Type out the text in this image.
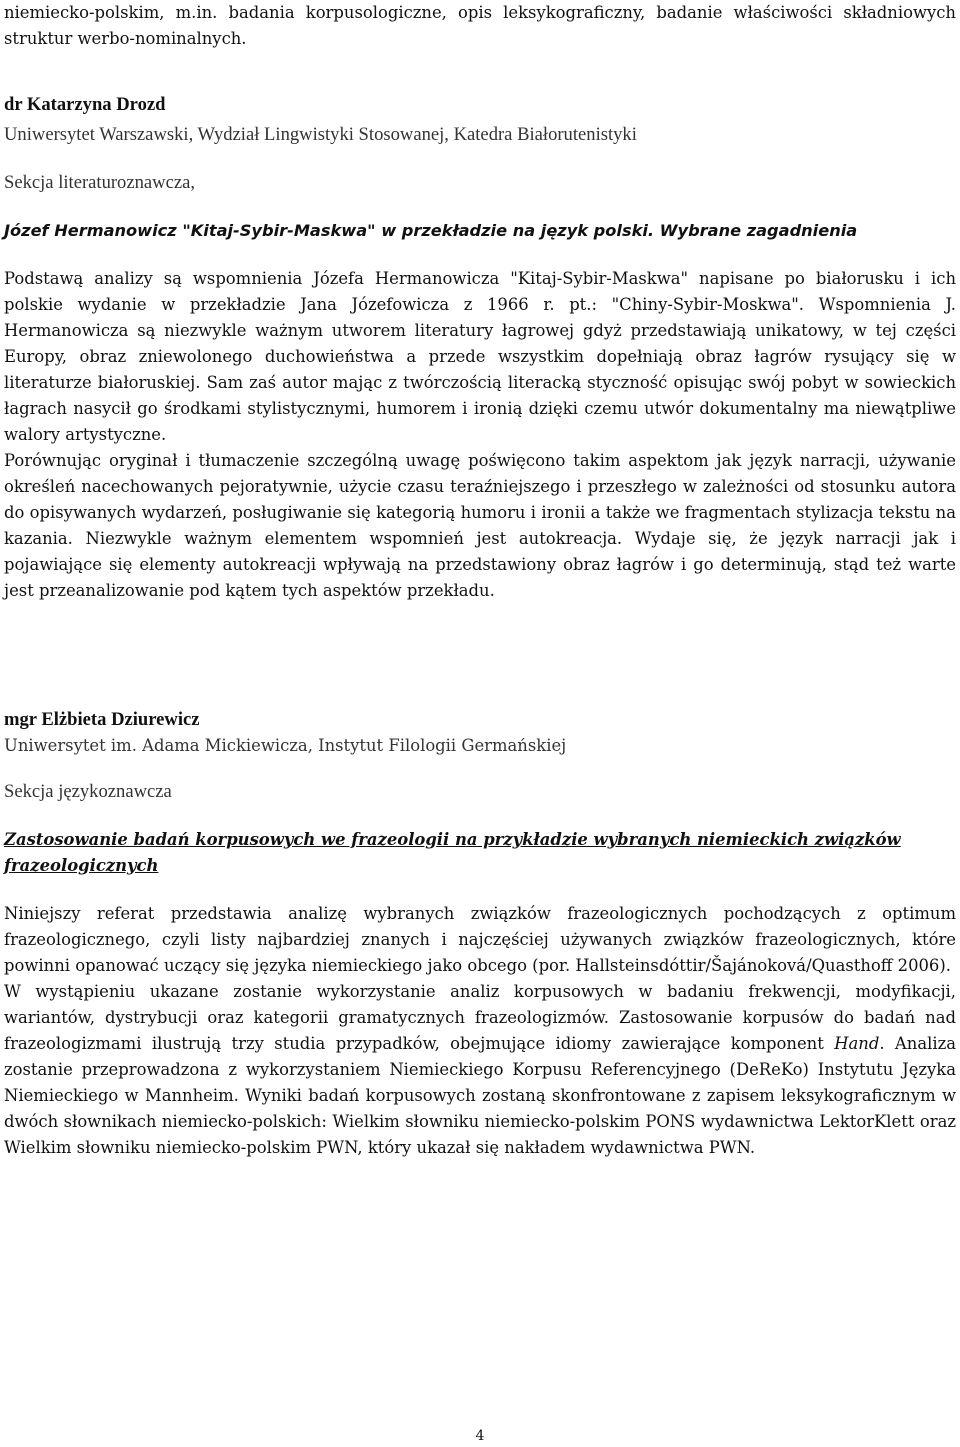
niemiecko-polskim, m.in. badania korpusologiczne, opis leksykograficzny, badanie właściwości składniowych struktur werbo-nominalnych.

dr Katarzyna Drozd
Uniwersytet Warszawski, Wydział Lingwistyki Stosowanej, Katedra Białorutenistyki
Sekcja literaturoznawcza,
Józef Hermanowicz "Kitaj-Sybir-Maskwa" w przekładzie na język polski. Wybrane zagadnienia

Podstawą analizy są wspomnienia Józefa Hermanowicza "Kitaj-Sybir-Maskwa" napisane po białorusku i ich polskie wydanie w przekładzie Jana Józefowicza z 1966 r. pt.: "Chiny-Sybir-Moskwa". Wspomnienia J. Hermanowicza są niezwykle ważnym utworem literatury łagrowej gdyż przedstawiają unikatowy, w tej części Europy, obraz zniewolonego duchowieństwa a przede wszystkim dopełniają obraz łagrów rysujący się w literaturze białoruskiej. Sam zaś autor mając z twórczością literacką styczność opisując swój pobyt w sowieckich łagrach nasycił go środkami stylistycznymi, humorem i ironią dzięki czemu utwór dokumentalny ma niewątpliwe walory artystyczne.

Porównując oryginał i tłumaczenie szczególną uwagę poświęcono takim aspektom jak język narracji, używanie określeń nacechowanych pejoratywnie, użycie czasu teraźniejszego i przeszłego w zależności od stosunku autora do opisywanych wydarzeń, posługiwanie się kategorią humoru i ironii a także we fragmentach stylizacja tekstu na kazania. Niezwykle ważnym elementem wspomnień jest autokreacja. Wydaje się, że język narracji jak i pojawiające się elementy autokreacji wpływają na przedstawiony obraz łagrów i go determinują, stąd też warte jest przeanalizowanie pod kątem tych aspektów przekładu.

mgr Elżbieta Dziurewicz
Uniwersytet im. Adama Mickiewicza, Instytut Filologii Germańskiej
Sekcja językoznawcza
Zastosowanie badań korpusowych we frazeologii na przykładzie wybranych niemieckich związków frazeologicznych

Niniejszy referat przedstawia analizę wybranych związków frazeologicznych pochodzących z optimum frazeologicznego, czyli listy najbardziej znanych i najczęściej używanych związków frazeologicznych, które powinni opanować uczący się języka niemieckiego jako obcego (por. Hallsteinsdóttir/Šajánoková/Quasthoff 2006).

W wystąpieniu ukazane zostanie wykorzystanie analiz korpusowych w badaniu frekwencji, modyfikacji, wariantów, dystrybucji oraz kategorii gramatycznych frazeologizmów. Zastosowanie korpusów do badań nad frazeologizmami ilustrują trzy studia przypadków, obejmujące idiomy zawierające komponent Hand. Analiza zostanie przeprowadzona z wykorzystaniem Niemieckiego Korpusu Referencyjnego (DeReKo) Instytutu Języka Niemieckiego w Mannheim. Wyniki badań korpusowych zostaną skonfrontowane z zapisem leksykograficznym w dwóch słownikach niemiecko-polskich: Wielkim słowniku niemiecko-polskim PONS wydawnictwa LektorKlett oraz Wielkim słowniku niemiecko-polskim PWN, który ukazał się nakładem wydawnictwa PWN.

4
